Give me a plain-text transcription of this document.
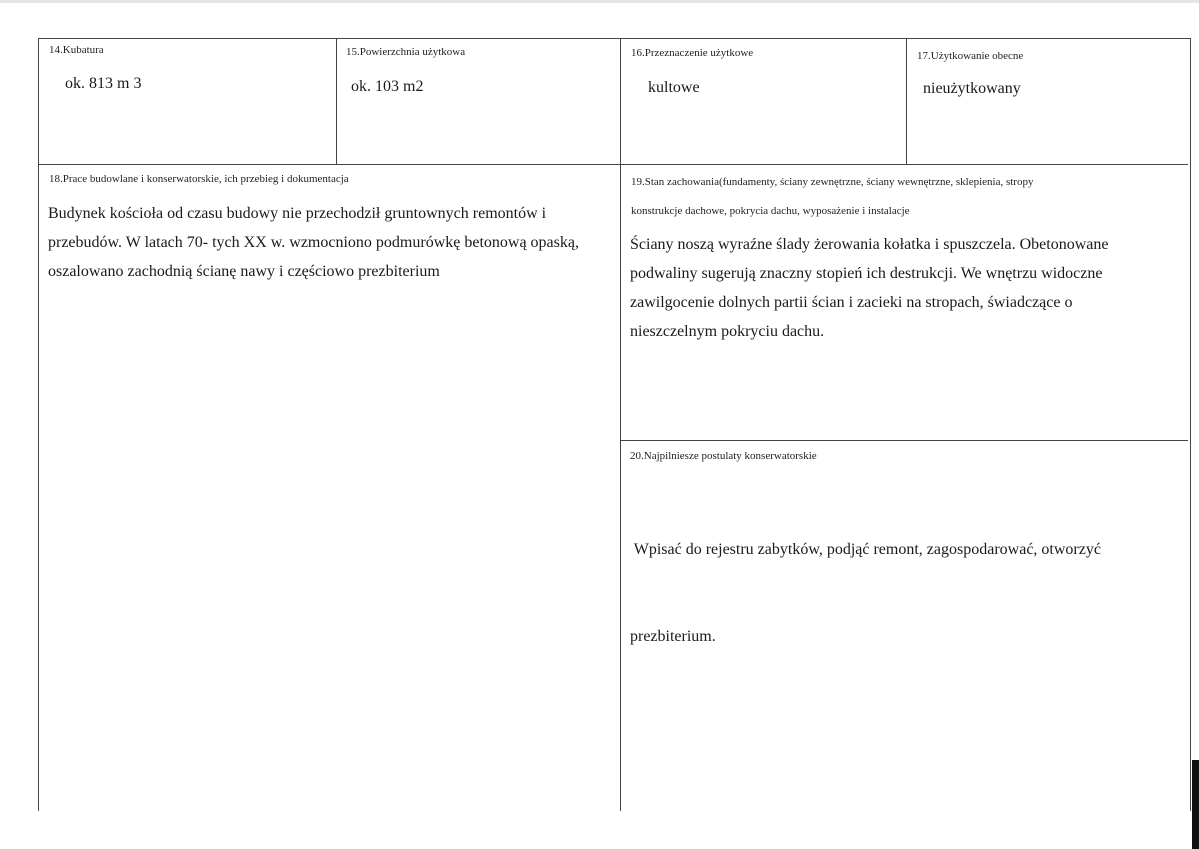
14.Kubatura
ok. 813 m 3
15.Powierzchnia użytkowa
ok. 103 m2
16.Przeznaczenie użytkowe
kultowe
17.Użytkowanie obecne
nieużytkowany
18.Prace budowlane i konserwatorskie, ich przebieg i dokumentacja
Budynek kościoła od czasu budowy nie przechodził gruntownych remontów i
przebudów. W latach 70- tych XX w. wzmocniono podmurówkę betonową opaską,
oszalowano zachodnią ścianę nawy i częściowo prezbiterium
19.Stan zachowania(fundamenty, ściany zewnętrzne, ściany wewnętrzne, sklepienia, stropy
konstrukcje dachowe, pokrycia dachu, wyposażenie i instalacje
Ściany noszą wyraźne ślady żerowania kołatka i spuszczela. Obetonowane
podwaliny sugerują znaczny stopień ich destrukcji. We wnętrzu widoczne
zawilgocenie dolnych partii ścian i zacieki na stropach, świadczące o
nieszczelnym pokryciu dachu.
20.Najpilniesze postulaty konserwatorskie

Wpisać do rejestru zabytków, podjąć remont, zagospodarować, otworzyć

prezbiterium.
